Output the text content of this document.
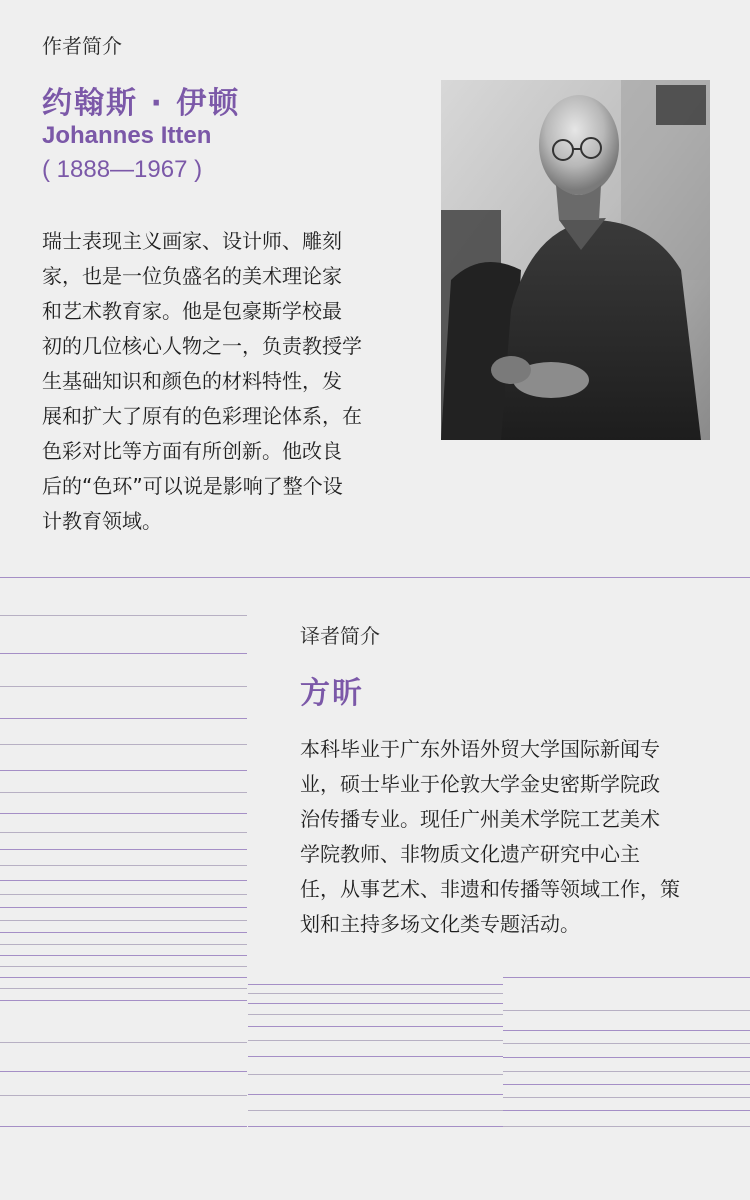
作者简介
约翰斯 · 伊顿
Johannes Itten
( 1888—1967 )
瑞士表现主义画家、设计师、雕刻
家，也是一位负盛名的美术理论家
和艺术教育家。他是包豪斯学校最
初的几位核心人物之一，负责教授学
生基础知识和颜色的材料特性，发
展和扩大了原有的色彩理论体系，在
色彩对比等方面有所创新。他改良
后的“色环”可以说是影响了整个设
计教育领域。
译者简介
方昕
本科毕业于广东外语外贸大学国际新闻专
业，硕士毕业于伦敦大学金史密斯学院政
治传播专业。现任广州美术学院工艺美术
学院教师、非物质文化遗产研究中心主
任，从事艺术、非遗和传播等领域工作，策
划和主持多场文化类专题活动。
